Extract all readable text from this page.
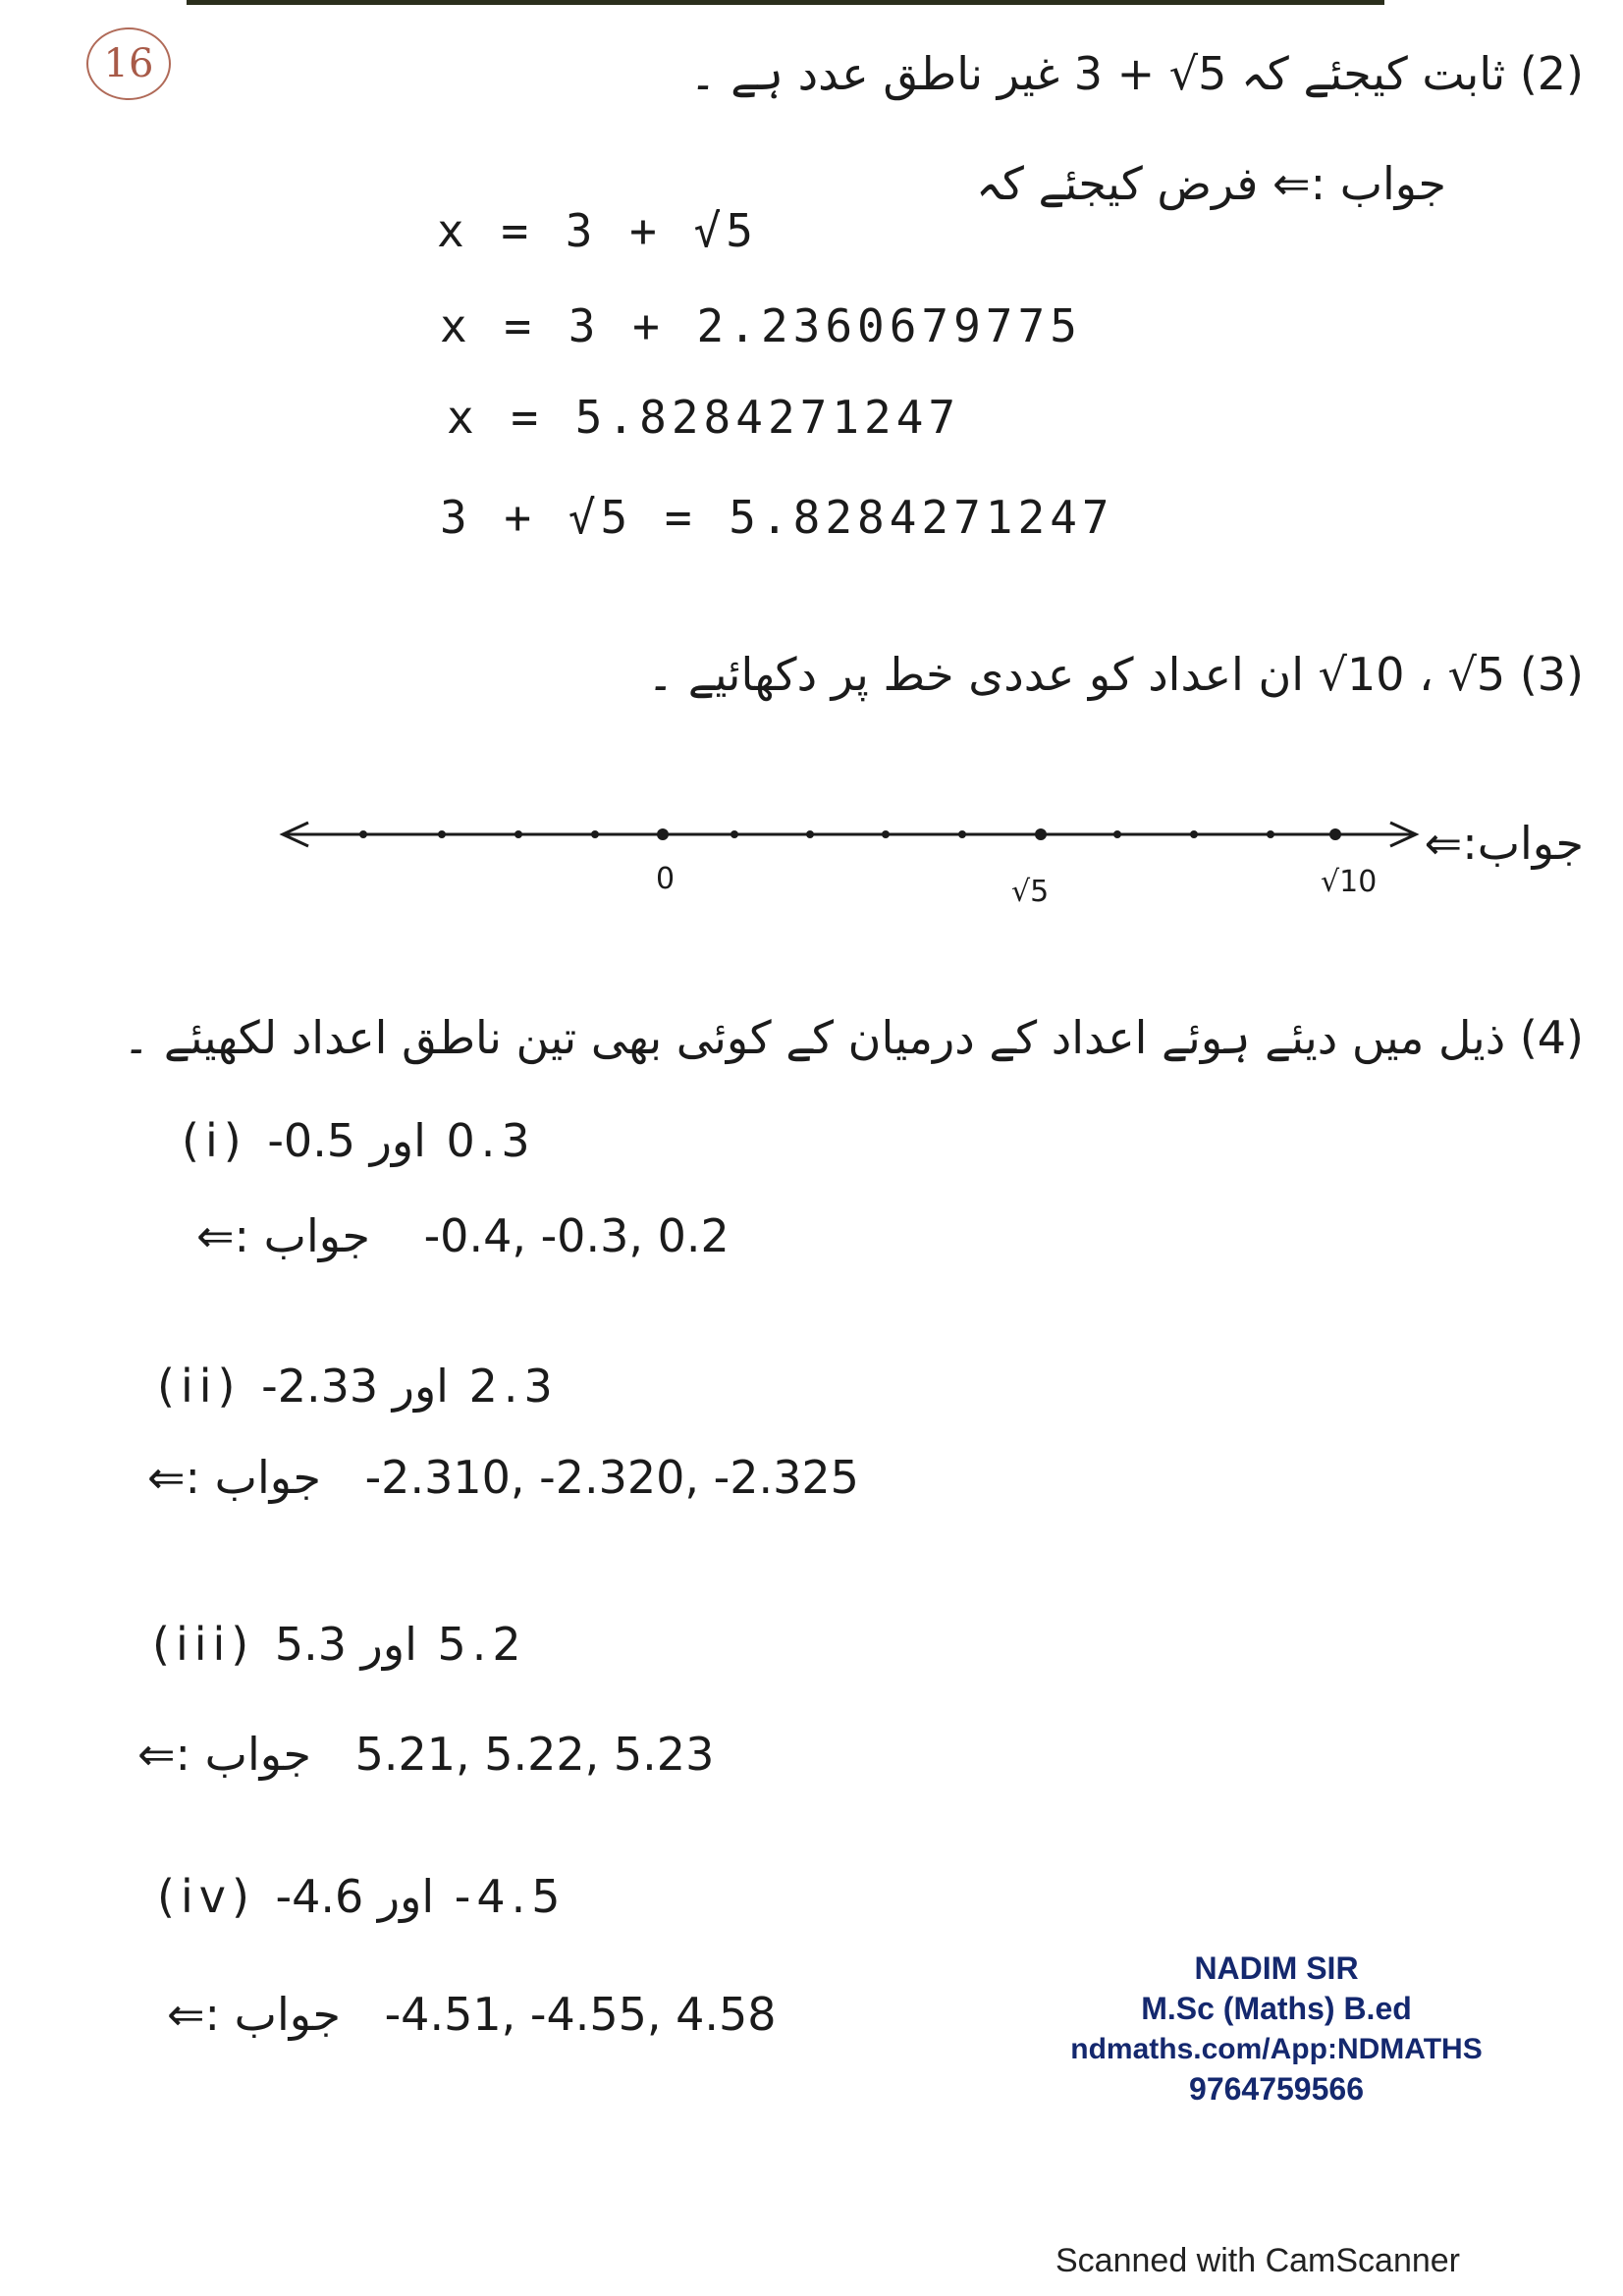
16	(2) ثابت کیجئے کہ 5√ + 3 غیر ناطق عدد ہے ۔
جواب :⇐ فرض کیجئے کہ
x = 3 + √5
x = 3 + 2.2360679775
x = 5.8284271247
3 + √5 = 5.8284271247
(3) 5√ ، 10√ ان اعداد کو عددی خط پر دکھائیے ۔
جواب:⇐
0	√5	√10
(4) ذیل میں دیئے ہوئے اعداد کے درمیان کے کوئی بھی تین ناطق اعداد لکھیئے ۔
(i) 0.3 اور 0.5-
جواب :⇐ -0.4, -0.3, 0.2
(ii) 2.3 اور 2.33-
جواب :⇐ -2.310, -2.320, -2.325
(iii) 5.2 اور 5.3
جواب :⇐ 5.21, 5.22, 5.23
(iv) 4.5- اور 4.6-
جواب :⇐ -4.51, -4.55, 4.58
NADIM SIR
M.Sc (Maths) B.ed
ndmaths.com/App:NDMATHS
9764759566
Scanned with CamScanner
